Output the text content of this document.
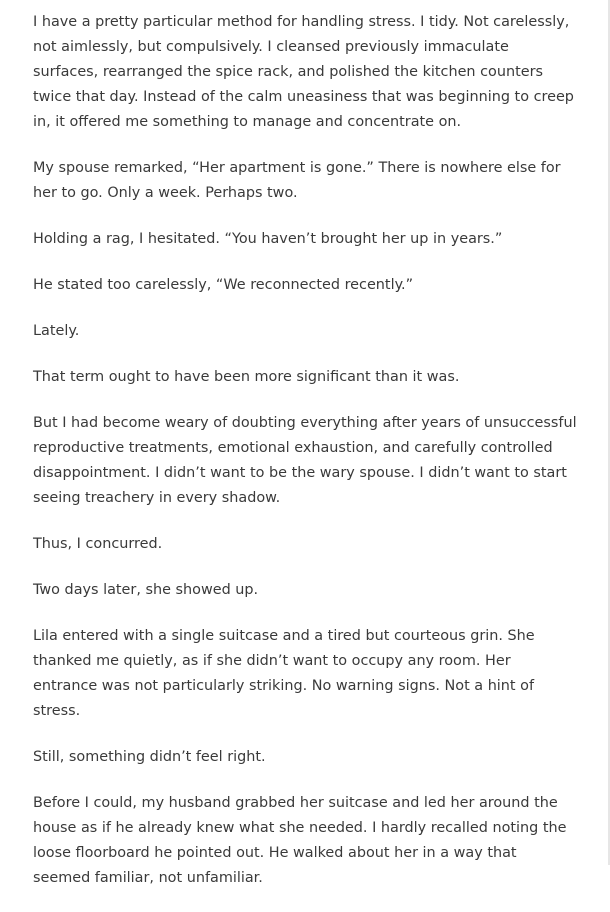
I have a pretty particular method for handling stress. I tidy. Not carelessly, not aimlessly, but compulsively. I cleansed previously immaculate surfaces, rearranged the spice rack, and polished the kitchen counters twice that day. Instead of the calm uneasiness that was beginning to creep in, it offered me something to manage and concentrate on.

My spouse remarked, “Her apartment is gone.” There is nowhere else for her to go. Only a week. Perhaps two.

Holding a rag, I hesitated. “You haven’t brought her up in years.”

He stated too carelessly, “We reconnected recently.”

Lately.

That term ought to have been more significant than it was.

But I had become weary of doubting everything after years of unsuccessful reproductive treatments, emotional exhaustion, and carefully controlled disappointment. I didn’t want to be the wary spouse. I didn’t want to start seeing treachery in every shadow.

Thus, I concurred.

Two days later, she showed up.

Lila entered with a single suitcase and a tired but courteous grin. She thanked me quietly, as if she didn’t want to occupy any room. Her entrance was not particularly striking. No warning signs. Not a hint of stress.

Still, something didn’t feel right.

Before I could, my husband grabbed her suitcase and led her around the house as if he already knew what she needed. I hardly recalled noting the loose floorboard he pointed out. He walked about her in a way that seemed familiar, not unfamiliar.
